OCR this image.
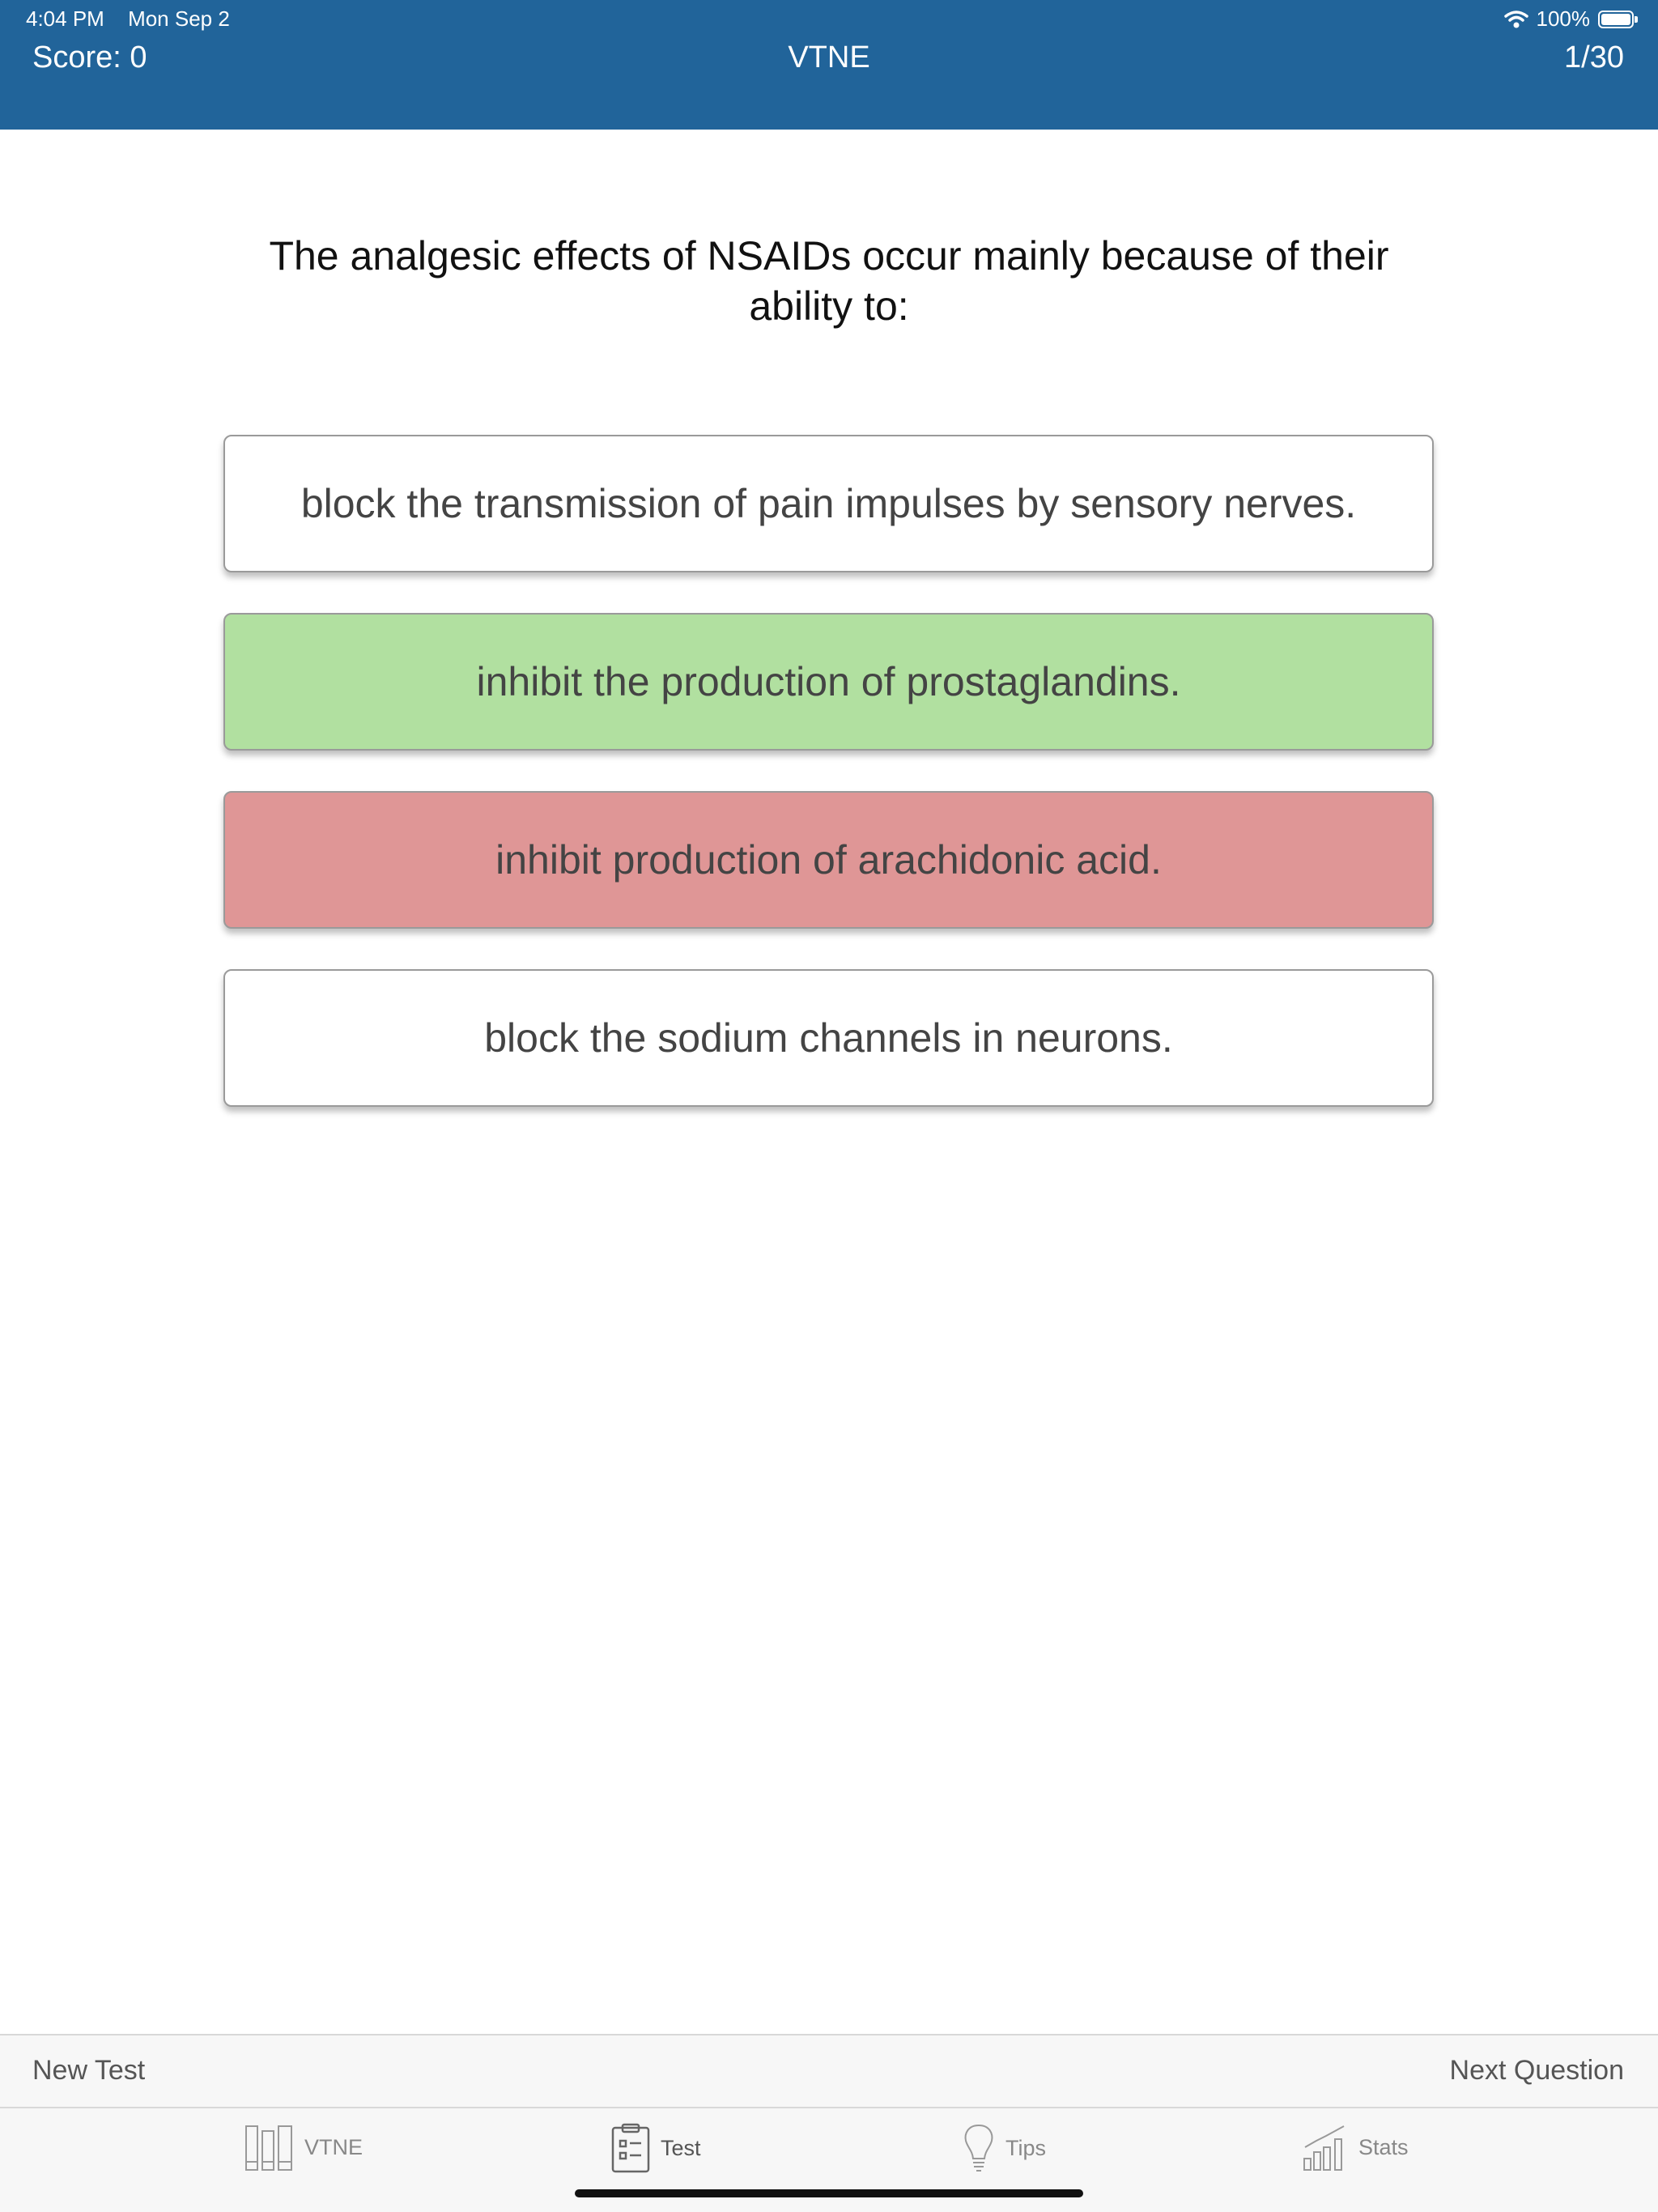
4:04 PM Mon Sep 2	100%
Score: 0	VTNE	1/30
The analgesic effects of NSAIDs occur mainly because of their ability to:
block the transmission of pain impulses by sensory nerves.
inhibit the production of prostaglandins.
inhibit production of arachidonic acid.
block the sodium channels in neurons.
New Test	Next Question
VTNE	Test	Tips	Stats
